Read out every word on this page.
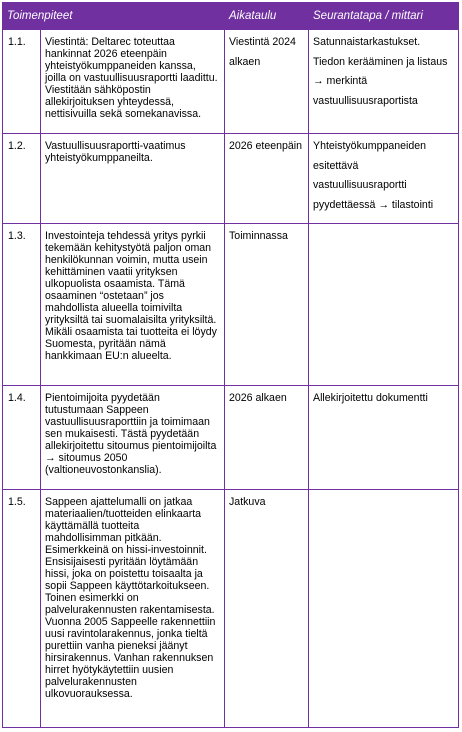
Toimenpiteet		Aikataulu	Seurantatapa / mittari
1.1.	Viestintä: Deltarec toteuttaa hankinnat 2026 eteenpäin yhteistyökumppaneiden kanssa, joilla on vastuullisuusraportti laadittu. Viestitään sähköpostin allekirjoituksen yhteydessä, nettisivuilla sekä somekanavissa.	Viestintä 2024 alkaen	Satunnaistarkastukset. Tiedon kerääminen ja listaus → merkintä vastuullisuusraportista
1.2.	Vastuullisuusraportti-vaatimus yhteistyökumppaneilta.	2026 eteenpäin	Yhteistyökumppaneiden esitettävä vastuullisuusraportti pyydettäessä → tilastointi
1.3.	Investointeja tehdessä yritys pyrkii tekemään kehitystyötä paljon oman henkilökunnan voimin, mutta usein kehittäminen vaatii yrityksen ulkopuolista osaamista. Tämä osaaminen “ostetaan” jos mahdollista alueella toimivilta yrityksiltä tai suomalaisilta yrityksiltä. Mikäli osaamista tai tuotteita ei löydy Suomesta, pyritään nämä hankkimaan EU:n alueelta.	Toiminnassa	
1.4.	Pientoimijoita pyydetään tutustumaan Sappeen vastuullisuusraporttiin ja toimimaan sen mukaisesti. Tästä pyydetään allekirjoitettu sitoumus pientoimijoilta → sitoumus 2050 (valtioneuvostonkanslia).	2026 alkaen	Allekirjoitettu dokumentti
1.5.	Sappeen ajattelumalli on jatkaa materiaalien/tuotteiden elinkaarta käyttämällä tuotteita mahdollisimman pitkään. Esimerkkeinä on hissi-investoinnit. Ensisijaisesti pyritään löytämään hissi, joka on poistettu toisaalta ja sopii Sappeen käyttötarkoitukseen. Toinen esimerkki on palvelurakennusten rakentamisesta. Vuonna 2005 Sappeelle rakennettiin uusi ravintolarakennus, jonka tieltä purettiin vanha pieneksi jäänyt hirsirakennus. Vanhan rakennuksen hirret hyötykäytettiin uusien palvelurakennusten ulkovuorauksessa.	Jatkuva	
